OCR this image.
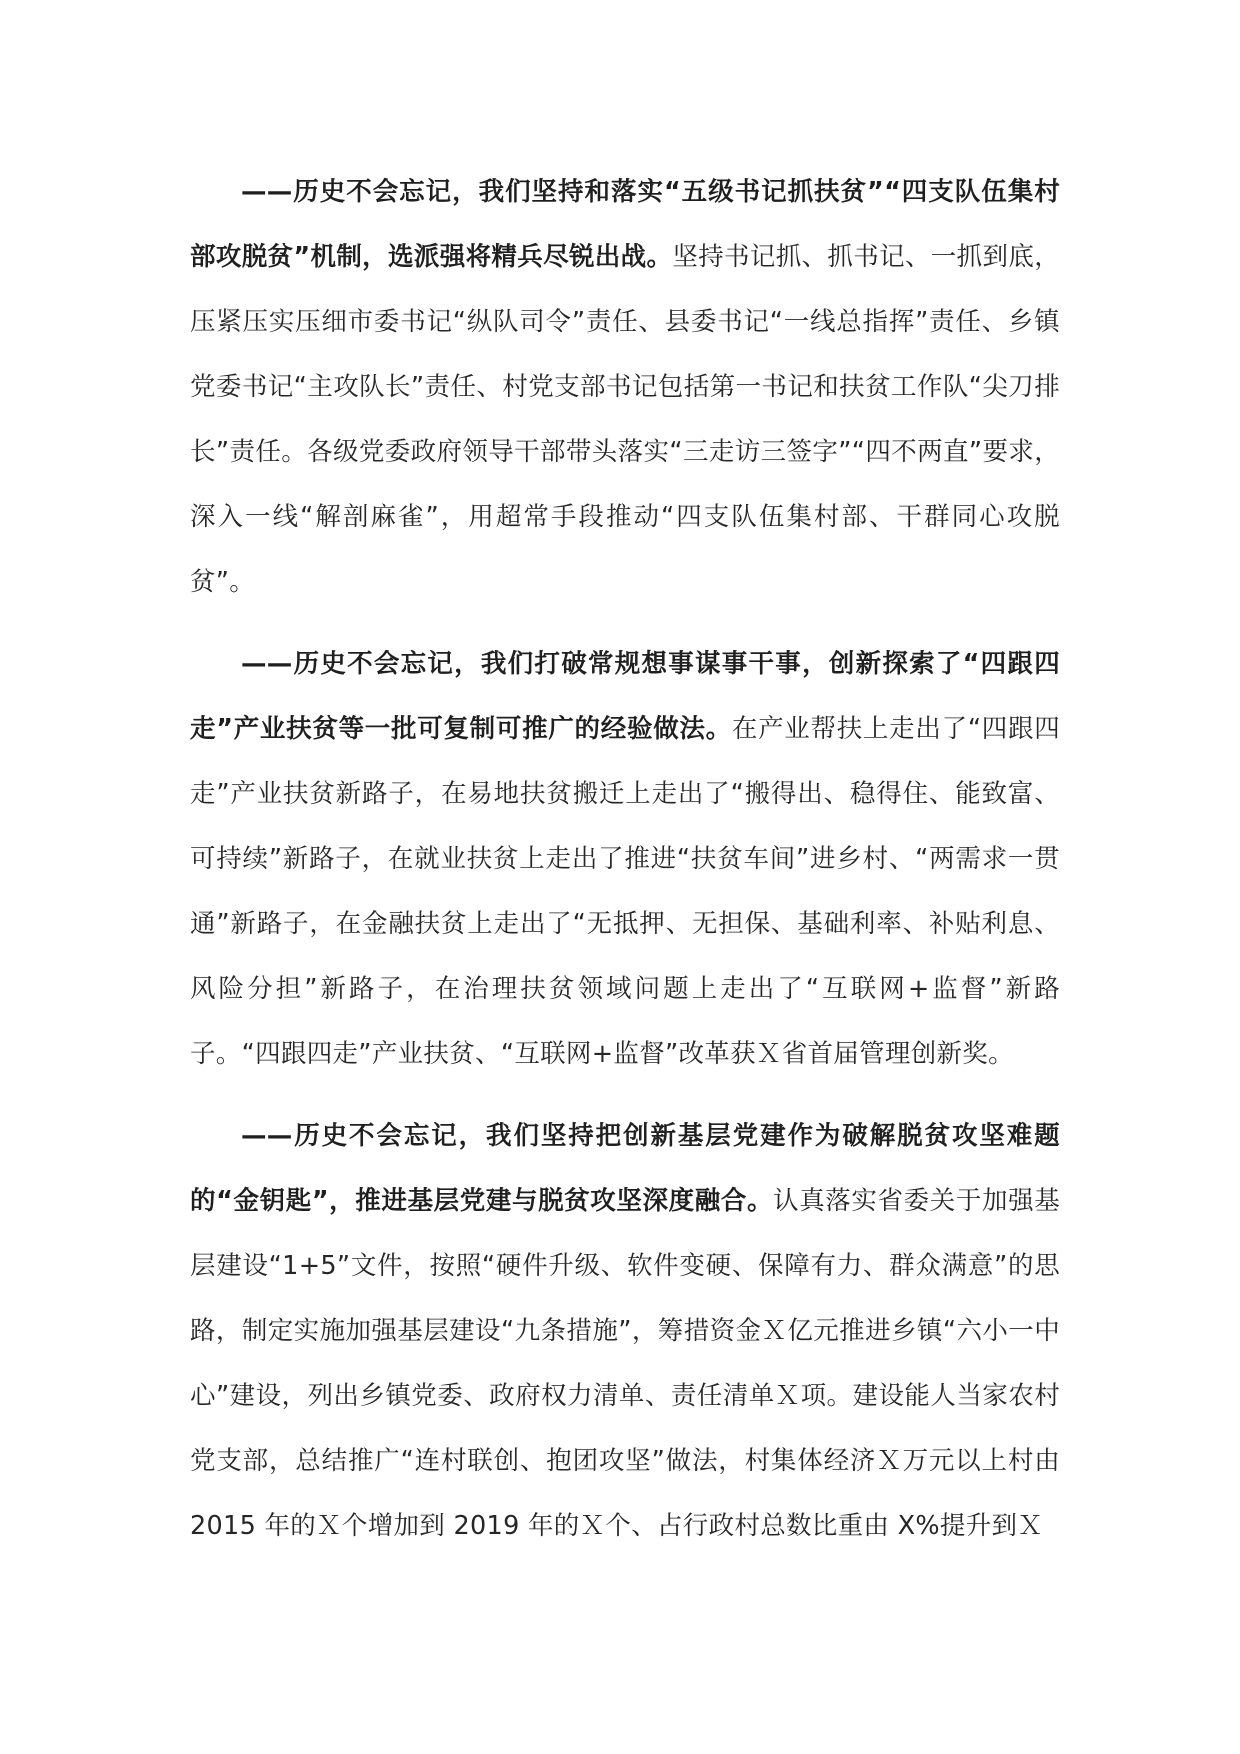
——历史不会忘记，我们坚持和落实“五级书记抓扶贫”“四支队伍集村部攻脱贫”机制，选派强将精兵尽锐出战。坚持书记抓、抓书记、一抓到底，压紧压实压细市委书记“纵队司令”责任、县委书记“一线总指挥”责任、乡镇党委书记“主攻队长”责任、村党支部书记包括第一书记和扶贫工作队“尖刀排长”责任。各级党委政府领导干部带头落实“三走访三签字”“四不两直”要求，深入一线“解剖麻雀”，用超常手段推动“四支队伍集村部、干群同心攻脱贫”。

——历史不会忘记，我们打破常规想事谋事干事，创新探索了“四跟四走”产业扶贫等一批可复制可推广的经验做法。在产业帮扶上走出了“四跟四走”产业扶贫新路子，在易地扶贫搬迁上走出了“搬得出、稳得住、能致富、可持续”新路子，在就业扶贫上走出了推进“扶贫车间”进乡村、“两需求一贯通”新路子，在金融扶贫上走出了“无抵押、无担保、基础利率、补贴利息、风险分担”新路子，在治理扶贫领域问题上走出了“互联网+监督”新路子。“四跟四走”产业扶贫、“互联网+监督”改革获Ｘ省首届管理创新奖。

——历史不会忘记，我们坚持把创新基层党建作为破解脱贫攻坚难题的“金钥匙”，推进基层党建与脱贫攻坚深度融合。认真落实省委关于加强基层建设“1+5”文件，按照“硬件升级、软件变硬、保障有力、群众满意”的思路，制定实施加强基层建设“九条措施”，筹措资金Ｘ亿元推进乡镇“六小一中心”建设，列出乡镇党委、政府权力清单、责任清单Ｘ项。建设能人当家农村党支部，总结推广“连村联创、抱团攻坚”做法，村集体经济Ｘ万元以上村由 2015 年的Ｘ个增加到 2019 年的Ｘ个、占行政村总数比重由 X%提升到Ｘ
